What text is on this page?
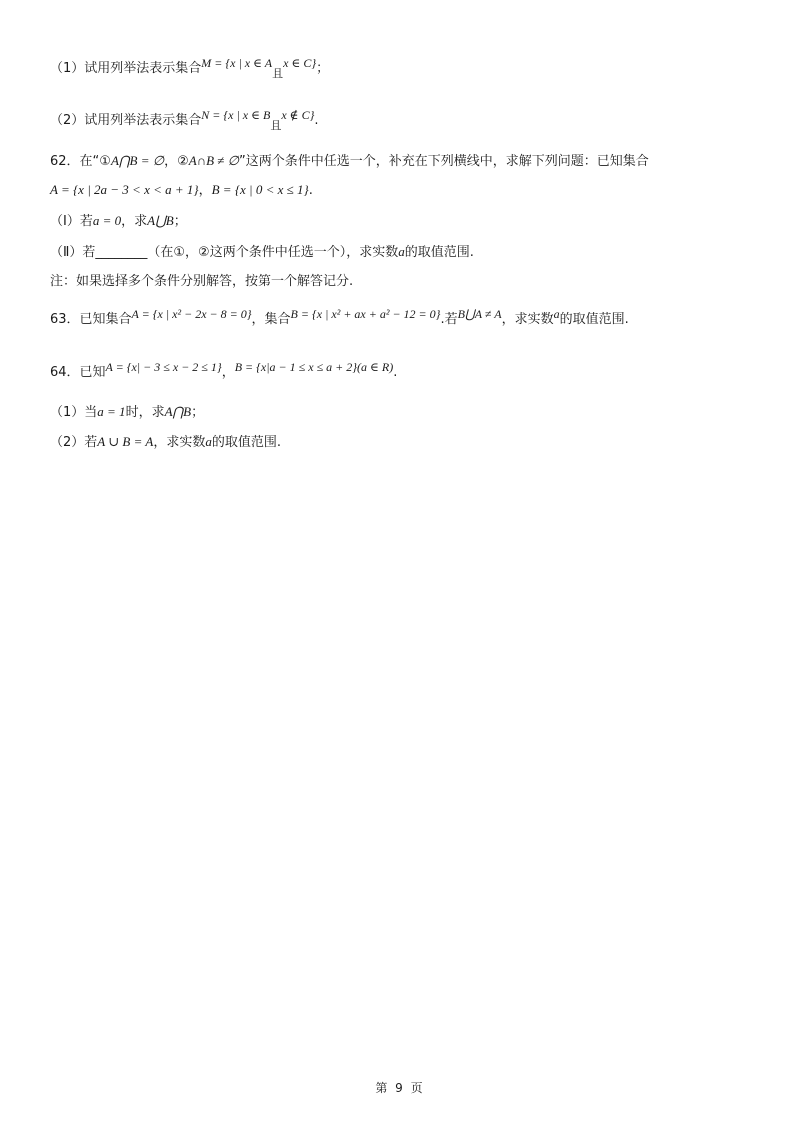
（1）试用列举法表示集合M = {x | x ∈ $A_且x$ ∈ C}；
（2）试用列举法表示集合N = {x | x ∈ $B_且x$ ∉ C}.
62．在“①A⋂B = ∅，②A∩B ≠ ∅”这两个条件中任选一个，补充在下列横线中，求解下列问题：已知集合
A = {x | 2a − 3 < x < a + 1}，B = {x | 0 < x ≤ 1}.
（Ⅰ）若a = 0，求A⋃B；
（Ⅱ）若________（在①，②这两个条件中任选一个），求实数a的取值范围.
注：如果选择多个条件分别解答，按第一个解答记分.
63．已知集合A = {x | x² − 2x − 8 = 0}，集合B = {x | x² + ax + a² − 12 = 0}.若B⋃A ≠ A，求实数a的取值范围.
64．已知A = {x| − 3 ≤ x − 2 ≤ 1}，B = {x|a − 1 ≤ x ≤ a + 2}(a ∈ R).
（1）当a = 1时，求A⋂B；
（2）若A ∪ B = A，求实数a的取值范围.
第 9 页
